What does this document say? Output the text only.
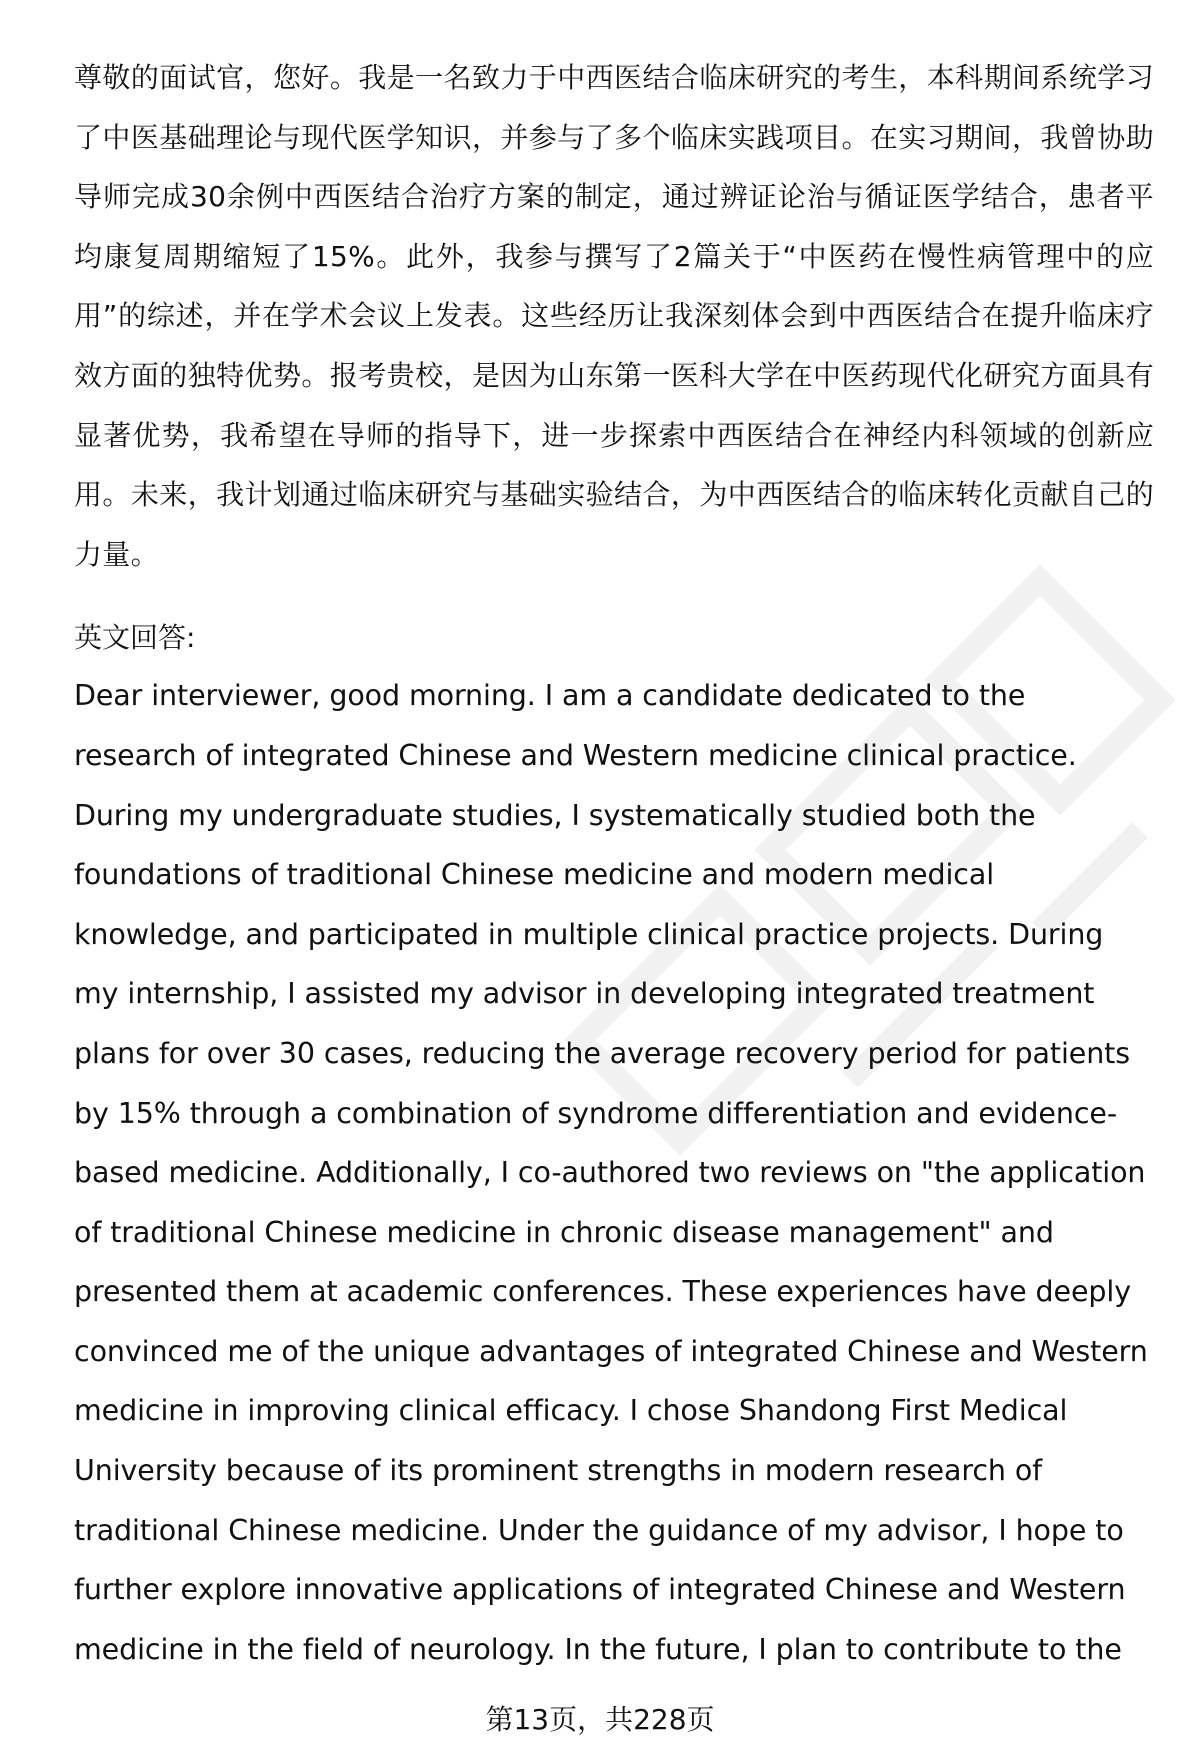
尊敬的面试官，您好。我是一名致力于中西医结合临床研究的考生，本科期间系统学习了中医基础理论与现代医学知识，并参与了多个临床实践项目。在实习期间，我曾协助导师完成30余例中西医结合治疗方案的制定，通过辨证论治与循证医学结合，患者平均康复周期缩短了15%。此外，我参与撰写了2篇关于“中医药在慢性病管理中的应用”的综述，并在学术会议上发表。这些经历让我深刻体会到中西医结合在提升临床疗效方面的独特优势。报考贵校，是因为山东第一医科大学在中医药现代化研究方面具有显著优势，我希望在导师的指导下，进一步探索中西医结合在神经内科领域的创新应用。未来，我计划通过临床研究与基础实验结合，为中西医结合的临床转化贡献自己的力量。

英文回答:

Dear interviewer, good morning. I am a candidate dedicated to the research of integrated Chinese and Western medicine clinical practice. During my undergraduate studies, I systematically studied both the foundations of traditional Chinese medicine and modern medical knowledge, and participated in multiple clinical practice projects. During my internship, I assisted my advisor in developing integrated treatment plans for over 30 cases, reducing the average recovery period for patients by 15% through a combination of syndrome differentiation and evidence-based medicine. Additionally, I co-authored two reviews on "the application of traditional Chinese medicine in chronic disease management" and presented them at academic conferences. These experiences have deeply convinced me of the unique advantages of integrated Chinese and Western medicine in improving clinical efficacy. I chose Shandong First Medical University because of its prominent strengths in modern research of traditional Chinese medicine. Under the guidance of my advisor, I hope to further explore innovative applications of integrated Chinese and Western medicine in the field of neurology. In the future, I plan to contribute to the

第13页，共228页
